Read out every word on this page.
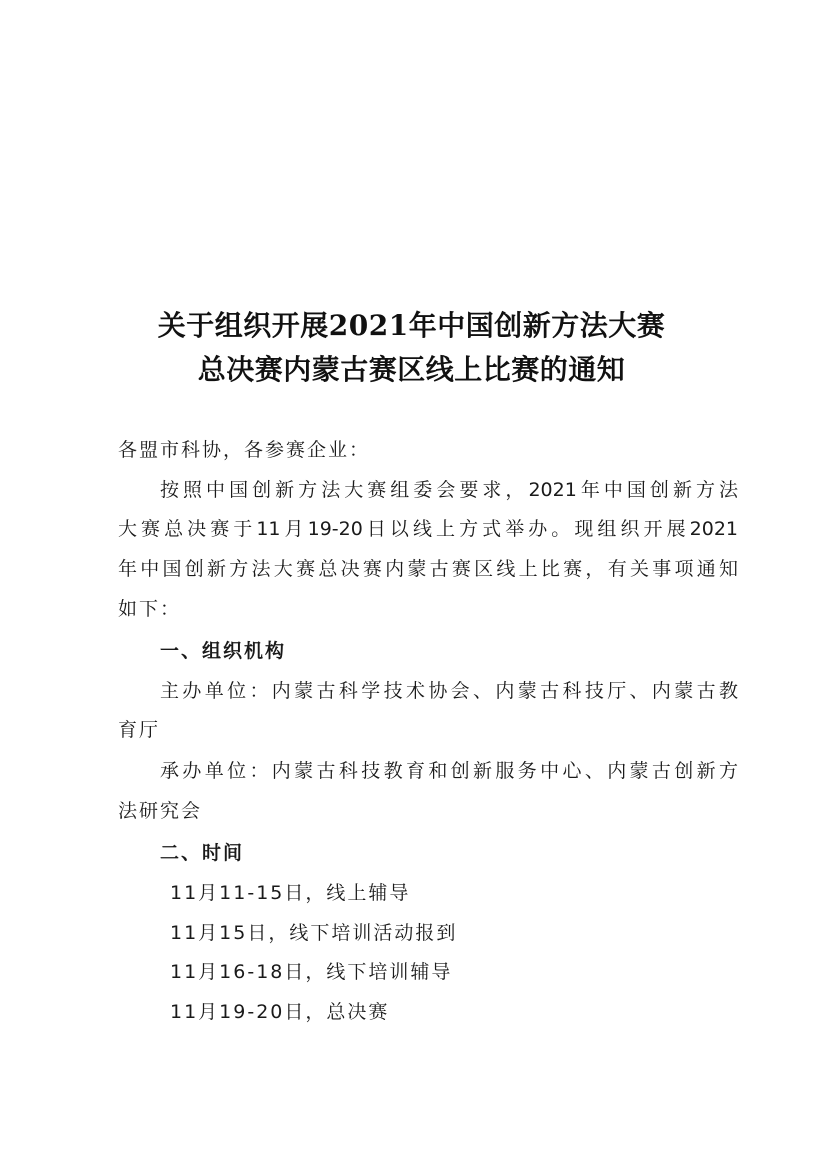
关于组织开展2021年中国创新方法大赛
总决赛内蒙古赛区线上比赛的通知
各盟市科协，各参赛企业：
按照中国创新方法大赛组委会要求，2021年中国创新方法
大赛总决赛于11月19-20日以线上方式举办。现组织开展2021
年中国创新方法大赛总决赛内蒙古赛区线上比赛，有关事项通知
如下：
一、组织机构
主办单位：内蒙古科学技术协会、内蒙古科技厅、内蒙古教
育厅
承办单位：内蒙古科技教育和创新服务中心、内蒙古创新方
法研究会
二、时间
11月11-15日，线上辅导
11月15日，线下培训活动报到
11月16-18日，线下培训辅导
11月19-20日，总决赛
